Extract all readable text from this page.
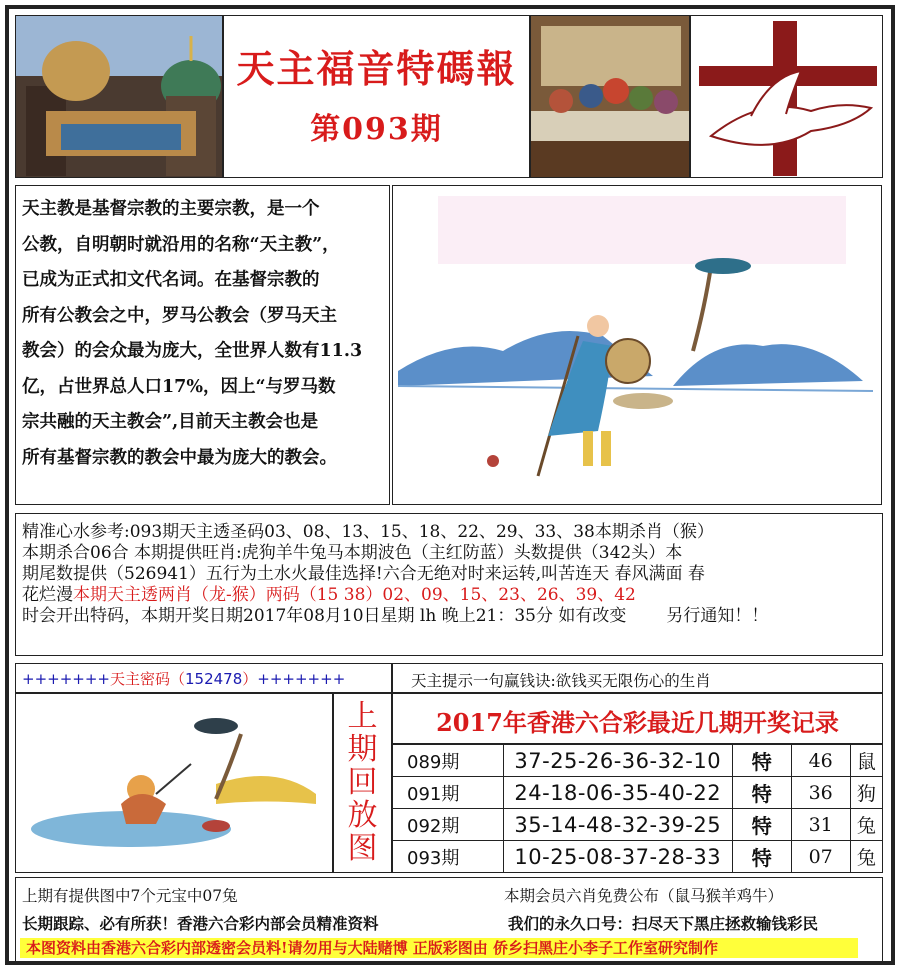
天主福音特碼報
第093期
天主教是基督宗教的主要宗教，是一个
公教，自明朝时就沿用的名称“天主教”，
已成为正式扣文代名词。在基督宗教的
所有公教会之中，罗马公教会（罗马天主
教会）的会众最为庞大，全世界人数有11.3
亿，占世界总人口17%，因上“与罗马数
宗共融的天主教会”,目前天主教会也是
所有基督宗教的教会中最为庞大的教会。
精准心水参考:093期天主透圣码03、08、13、15、18、22、29、33、38本期杀肖（猴）
本期杀合06合 本期提供旺肖:虎狗羊牛兔马本期波色（主红防蓝）头数提供（342头）本
期尾数提供（526941）五行为土水火最佳选择!六合无绝对时来运转,叫苦连天 春风满面 春
花烂漫本期天主透两肖（龙-猴）两码（15 38）02、09、15、23、26、39、42
时会开出特码，本期开奖日期2017年08月10日星期 lh 晚上21：35分 如有改变 另行通知！！
+++++++天主密码（152478）+++++++	天主提示一句赢钱诀:欲钱买无限伤心的生肖
上
期
回
放
图
2017年香港六合彩最近几期开奖记录
089期	37-25-26-36-32-10	特	46	鼠
091期	24-18-06-35-40-22	特	36	狗
092期	35-14-48-32-39-25	特	31	兔
093期	10-25-08-37-28-33	特	07	兔
上期有提供图中7个元宝中07兔	本期会员六肖免费公布（鼠马猴羊鸡牛）
长期跟踪、必有所获！香港六合彩内部会员精准资料	我们的永久口号：扫尽天下黑庄拯救输钱彩民
本图资料由香港六合彩内部透密会员料!请勿用与大陆赌博 正版彩图由 侨乡扫黑庄小李子工作室研究制作
